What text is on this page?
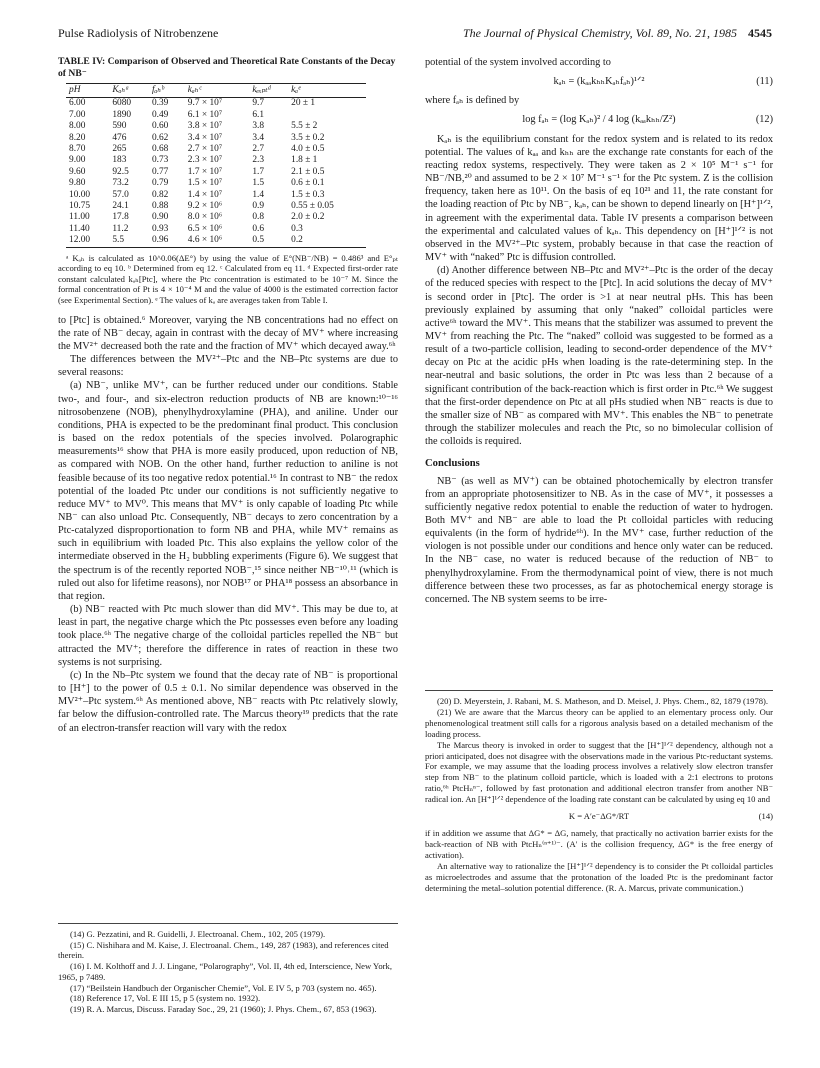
Pulse Radiolysis of Nitrobenzene	The Journal of Physical Chemistry, Vol. 89, No. 21, 1985 4545
TABLE IV: Comparison of Observed and Theoretical Rate Constants of the Decay of NB⁻
pH	Kₐₕᵃ	fₐₕᵇ	kₐₕᶜ	kₑₓₚₜᵈ	kₐᵉ
6.00	6080	0.39	9.7 × 10⁷	9.7	20 ± 1
7.00	1890	0.49	6.1 × 10⁷	6.1	
8.00	590	0.60	3.8 × 10⁷	3.8	5.5 ± 2
8.20	476	0.62	3.4 × 10⁷	3.4	3.5 ± 0.2
8.70	265	0.68	2.7 × 10⁷	2.7	4.0 ± 0.5
9.00	183	0.73	2.3 × 10⁷	2.3	1.8 ± 1
9.60	92.5	0.77	1.7 × 10⁷	1.7	2.1 ± 0.5
9.80	73.2	0.79	1.5 × 10⁷	1.5	0.6 ± 0.1
10.00	57.0	0.82	1.4 × 10⁷	1.4	1.5 ± 0.3
10.75	24.1	0.88	9.2 × 10⁶	0.9	0.55 ± 0.05
11.00	17.8	0.90	8.0 × 10⁶	0.8	2.0 ± 0.2
11.40	11.2	0.93	6.5 × 10⁶	0.6	0.3
12.00	5.5	0.96	4.6 × 10⁶	0.5	0.2

ᵃ Kₐₕ is calculated as 10^0.06(ΔE°) by using the value of E°(NB⁻/NB) = 0.486³ and E°ₚₜ according to eq 10. ᵇ Determined from eq 12. ᶜ Calculated from eq 11. ᵈ Expected first-order rate constant calculated kₐₕ[Ptc], where the Ptc concentration is estimated to be 10⁻⁷ M. Since the formal concentration of Pt is 4 × 10⁻⁴ M and the value of 4000 is the estimated correction factor (see Experimental Section). ᵉ The values of kₐ are averages taken from Table I.

to [Ptc] is obtained.⁶ Moreover, varying the NB concentrations had no effect on the rate of NB⁻ decay, again in contrast with the decay of MV⁺ where increasing the MV²⁺ decreased both the rate and the fraction of MV⁺ which decayed away.⁶ʰ

The differences between the MV²⁺–Ptc and the NB–Ptc systems are due to several reasons:

(a) NB⁻, unlike MV⁺, can be further reduced under our conditions. Stable two-, and four-, and six-electron reduction products of NB are known:¹⁰⁻¹⁶ nitrosobenzene (NOB), phenylhydroxylamine (PHA), and aniline. Under our conditions, PHA is expected to be the predominant final product. This conclusion is based on the redox potentials of the species involved. Polarographic measurements¹⁶ show that PHA is more easily produced, upon reduction of NB, as compared with NOB. On the other hand, further reduction to aniline is not feasible because of its too negative redox potential.¹⁶ In contrast to NB⁻ the redox potential of the loaded Ptc under our conditions is not sufficiently negative to reduce MV⁺ to MV⁰. This means that MV⁺ is only capable of loading Ptc while NB⁻ can also unload Ptc. Consequently, NB⁻ decays to zero concentration by a Ptc-catalyzed disproportionation to form NB and PHA, while MV⁺ remains as such in equilibrium with loaded Ptc. This also explains the yellow color of the intermediate observed in the H₂ bubbling experiments (Figure 6). We suggest that the spectrum is of the recently reported NOB⁻,¹⁵ since neither NB⁻¹⁰˒¹¹ (which is ruled out also for lifetime reasons), nor NOB¹⁷ or PHA¹⁸ possess an absorbance in that region.

(b) NB⁻ reacted with Ptc much slower than did MV⁺. This may be due to, at least in part, the negative charge which the Ptc possesses even before any loading took place.⁶ʰ The negative charge of the colloidal particles repelled the NB⁻ but attracted the MV⁺; therefore the difference in rates of reaction in these two systems is not surprising.

(c) In the Nb–Ptc system we found that the decay rate of NB⁻ is proportional to [H⁺] to the power of 0.5 ± 0.1. No similar dependence was observed in the MV²⁺–Ptc system.⁶ʰ As mentioned above, NB⁻ reacts with Ptc relatively slowly, far below the diffusion-controlled rate. The Marcus theory¹⁹ predicts that the rate of an electron-transfer reaction will vary with the redox

(14) G. Pezzatini, and R. Guidelli, J. Electroanal. Chem., 102, 205 (1979).

(15) C. Nishihara and M. Kaise, J. Electroanal. Chem., 149, 287 (1983), and references cited therein.

(16) I. M. Kolthoff and J. J. Lingane, “Polarography”, Vol. II, 4th ed, Interscience, New York, 1965, p 7489.

(17) “Beilstein Handbuch der Organischer Chemie”, Vol. E IV 5, p 703 (system no. 465).

(18) Reference 17, Vol. E III 15, p 5 (system no. 1932).

(19) R. A. Marcus, Discuss. Faraday Soc., 29, 21 (1960); J. Phys. Chem., 67, 853 (1963).

potential of the system involved according to

kₐₕ = (kₐₐkₕₕKₐₕfₐₕ)¹ᐟ²	(11)

where fₐₕ is defined by

log fₐₕ = (log Kₐₕ)² / 4 log (kₐₐkₕₕ/Z²)	(12)

Kₐₕ is the equilibrium constant for the redox system and is related to its redox potential. The values of kₐₐ and kₕₕ are the exchange rate constants for each of the reacting redox systems, respectively. They were taken as 2 × 10⁵ M⁻¹ s⁻¹ for NB⁻/NB,²⁰ and assumed to be 2 × 10⁷ M⁻¹ s⁻¹ for the Ptc system. Z is the collision frequency, taken here as 10¹¹. On the basis of eq 10²¹ and 11, the rate constant for the loading reaction of Ptc by NB⁻, kₐₕ, can be shown to depend linearly on [H⁺]¹ᐟ², in agreement with the experimental data. Table IV presents a comparison between the experimental and calculated values of kₐₕ. This dependency on [H⁺]¹ᐟ² is not observed in the MV²⁺–Ptc system, probably because in that case the reaction of MV⁺ with “naked” Ptc is diffusion controlled.

(d) Another difference between NB–Ptc and MV²⁺–Ptc is the order of the decay of the reduced species with respect to the [Ptc]. In acid solutions the decay of MV⁺ is second order in [Ptc]. The order is >1 at near neutral pHs. This has been previously explained by assuming that only “naked” colloidal particles were active⁶ʰ toward the MV⁺. This means that the stabilizer was assumed to prevent the MV⁺ from reaching the Ptc. The “naked” colloid was suggested to be formed as a result of a two-particle collision, leading to second-order dependence of the MV⁺ decay on Ptc at the acidic pHs when loading is the rate-determining step. In the near-neutral and basic solutions, the order in Ptc was less than 2 because of a significant contribution of the back-reaction which is first order in Ptc.⁶ʰ We suggest that the first-order dependence on Ptc at all pHs studied when NB⁻ reacts is due to the smaller size of NB⁻ as compared with MV⁺. This enables the NB⁻ to penetrate through the stabilizer molecules and reach the Ptc, so no bimolecular collision of the colloids is required.

Conclusions

NB⁻ (as well as MV⁺) can be obtained photochemically by electron transfer from an appropriate photosensitizer to NB. As in the case of MV⁺, it possesses a sufficiently negative redox potential to enable the reduction of water to hydrogen. Both MV⁺ and NB⁻ are able to load the Pt colloidal particles with reducing equivalents (in the form of hydride⁶ʰ). In the MV⁺ case, further reduction of the viologen is not possible under our conditions and hence only water can be reduced. In the NB⁻ case, no water is reduced because of the reduction of NB⁻ to phenylhydroxylamine. From the thermodynamical point of view, there is not much difference between these two processes, as far as photochemical energy storage is concerned. The NB system seems to be irre-

(20) D. Meyerstein, J. Rabani, M. S. Matheson, and D. Meisel, J. Phys. Chem., 82, 1879 (1978).

(21) We are aware that the Marcus theory can be applied to an elementary process only. Our phenomenological treatment still calls for a rigorous analysis based on a detailed mechanism of the loading process.

The Marcus theory is invoked in order to suggest that the [H⁺]¹ᐟ² dependency, although not a priori anticipated, does not disagree with the observations made in the various Ptc-reductant systems. For example, we may assume that the loading process involves a relatively slow electron transfer step from NB⁻ to the platinum colloid particle, which is loaded with a 2:1 electrons to protons ratio,⁶ʰ PtcHₙⁿ⁻, followed by fast protonation and additional electron transfer from another NB⁻ radical ion. An [H⁺]¹ᐟ² dependence of the loading rate constant can be calculated by using eq 10 and

K = A′e⁻ΔG*/RT	(14)

if in addition we assume that ΔG* = ΔG, namely, that practically no activation barrier exists for the back-reaction of NB with PtcHₙ⁽ⁿ⁺¹⁾⁻. (A′ is the collision frequency, ΔG* is the free energy of activation).

An alternative way to rationalize the [H⁺]¹ᐟ² dependency is to consider the Pt colloidal particles as microelectrodes and assume that the protonation of the loaded Ptc is the predominant factor determining the metal–solution potential difference. (R. A. Marcus, private communication.)
